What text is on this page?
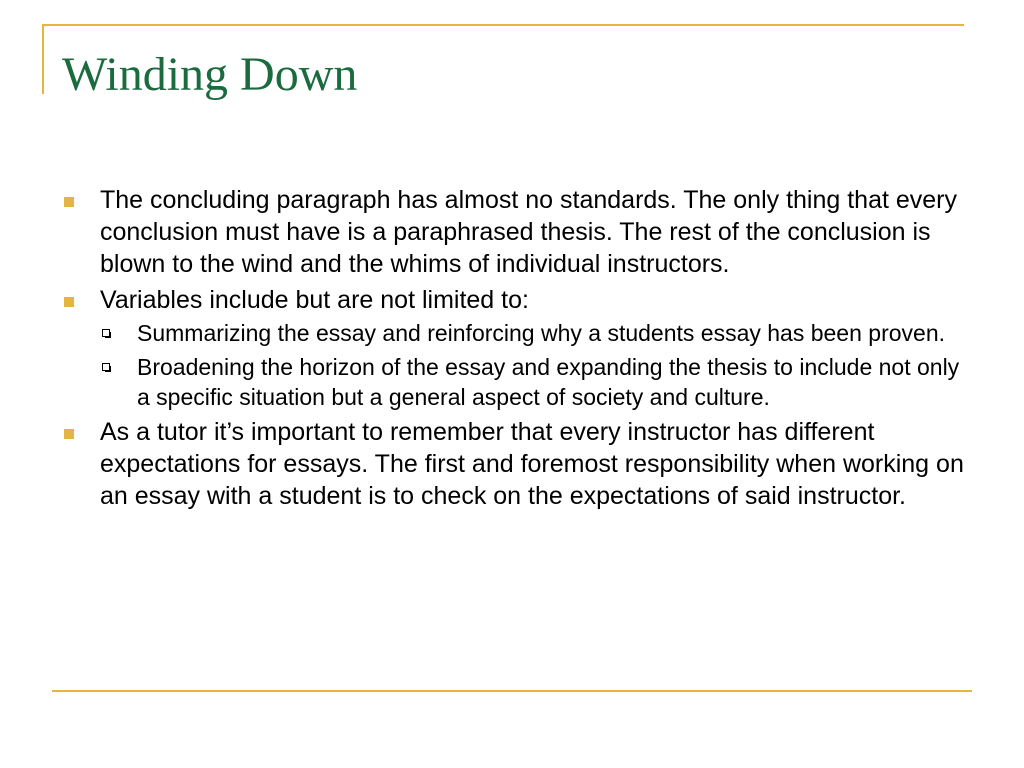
Winding Down
The concluding paragraph has almost no standards. The only thing that every conclusion must have is a paraphrased thesis. The rest of the conclusion is blown to the wind and the whims of individual instructors.
Variables include but are not limited to:
Summarizing the essay and reinforcing why a students essay has been proven.
Broadening the horizon of the essay and expanding the thesis to include not only a specific situation but a general aspect of society and culture.
As a tutor it’s important to remember that every instructor has different expectations for essays. The first and foremost responsibility when working on an essay with a student is to check on the expectations of said instructor.
